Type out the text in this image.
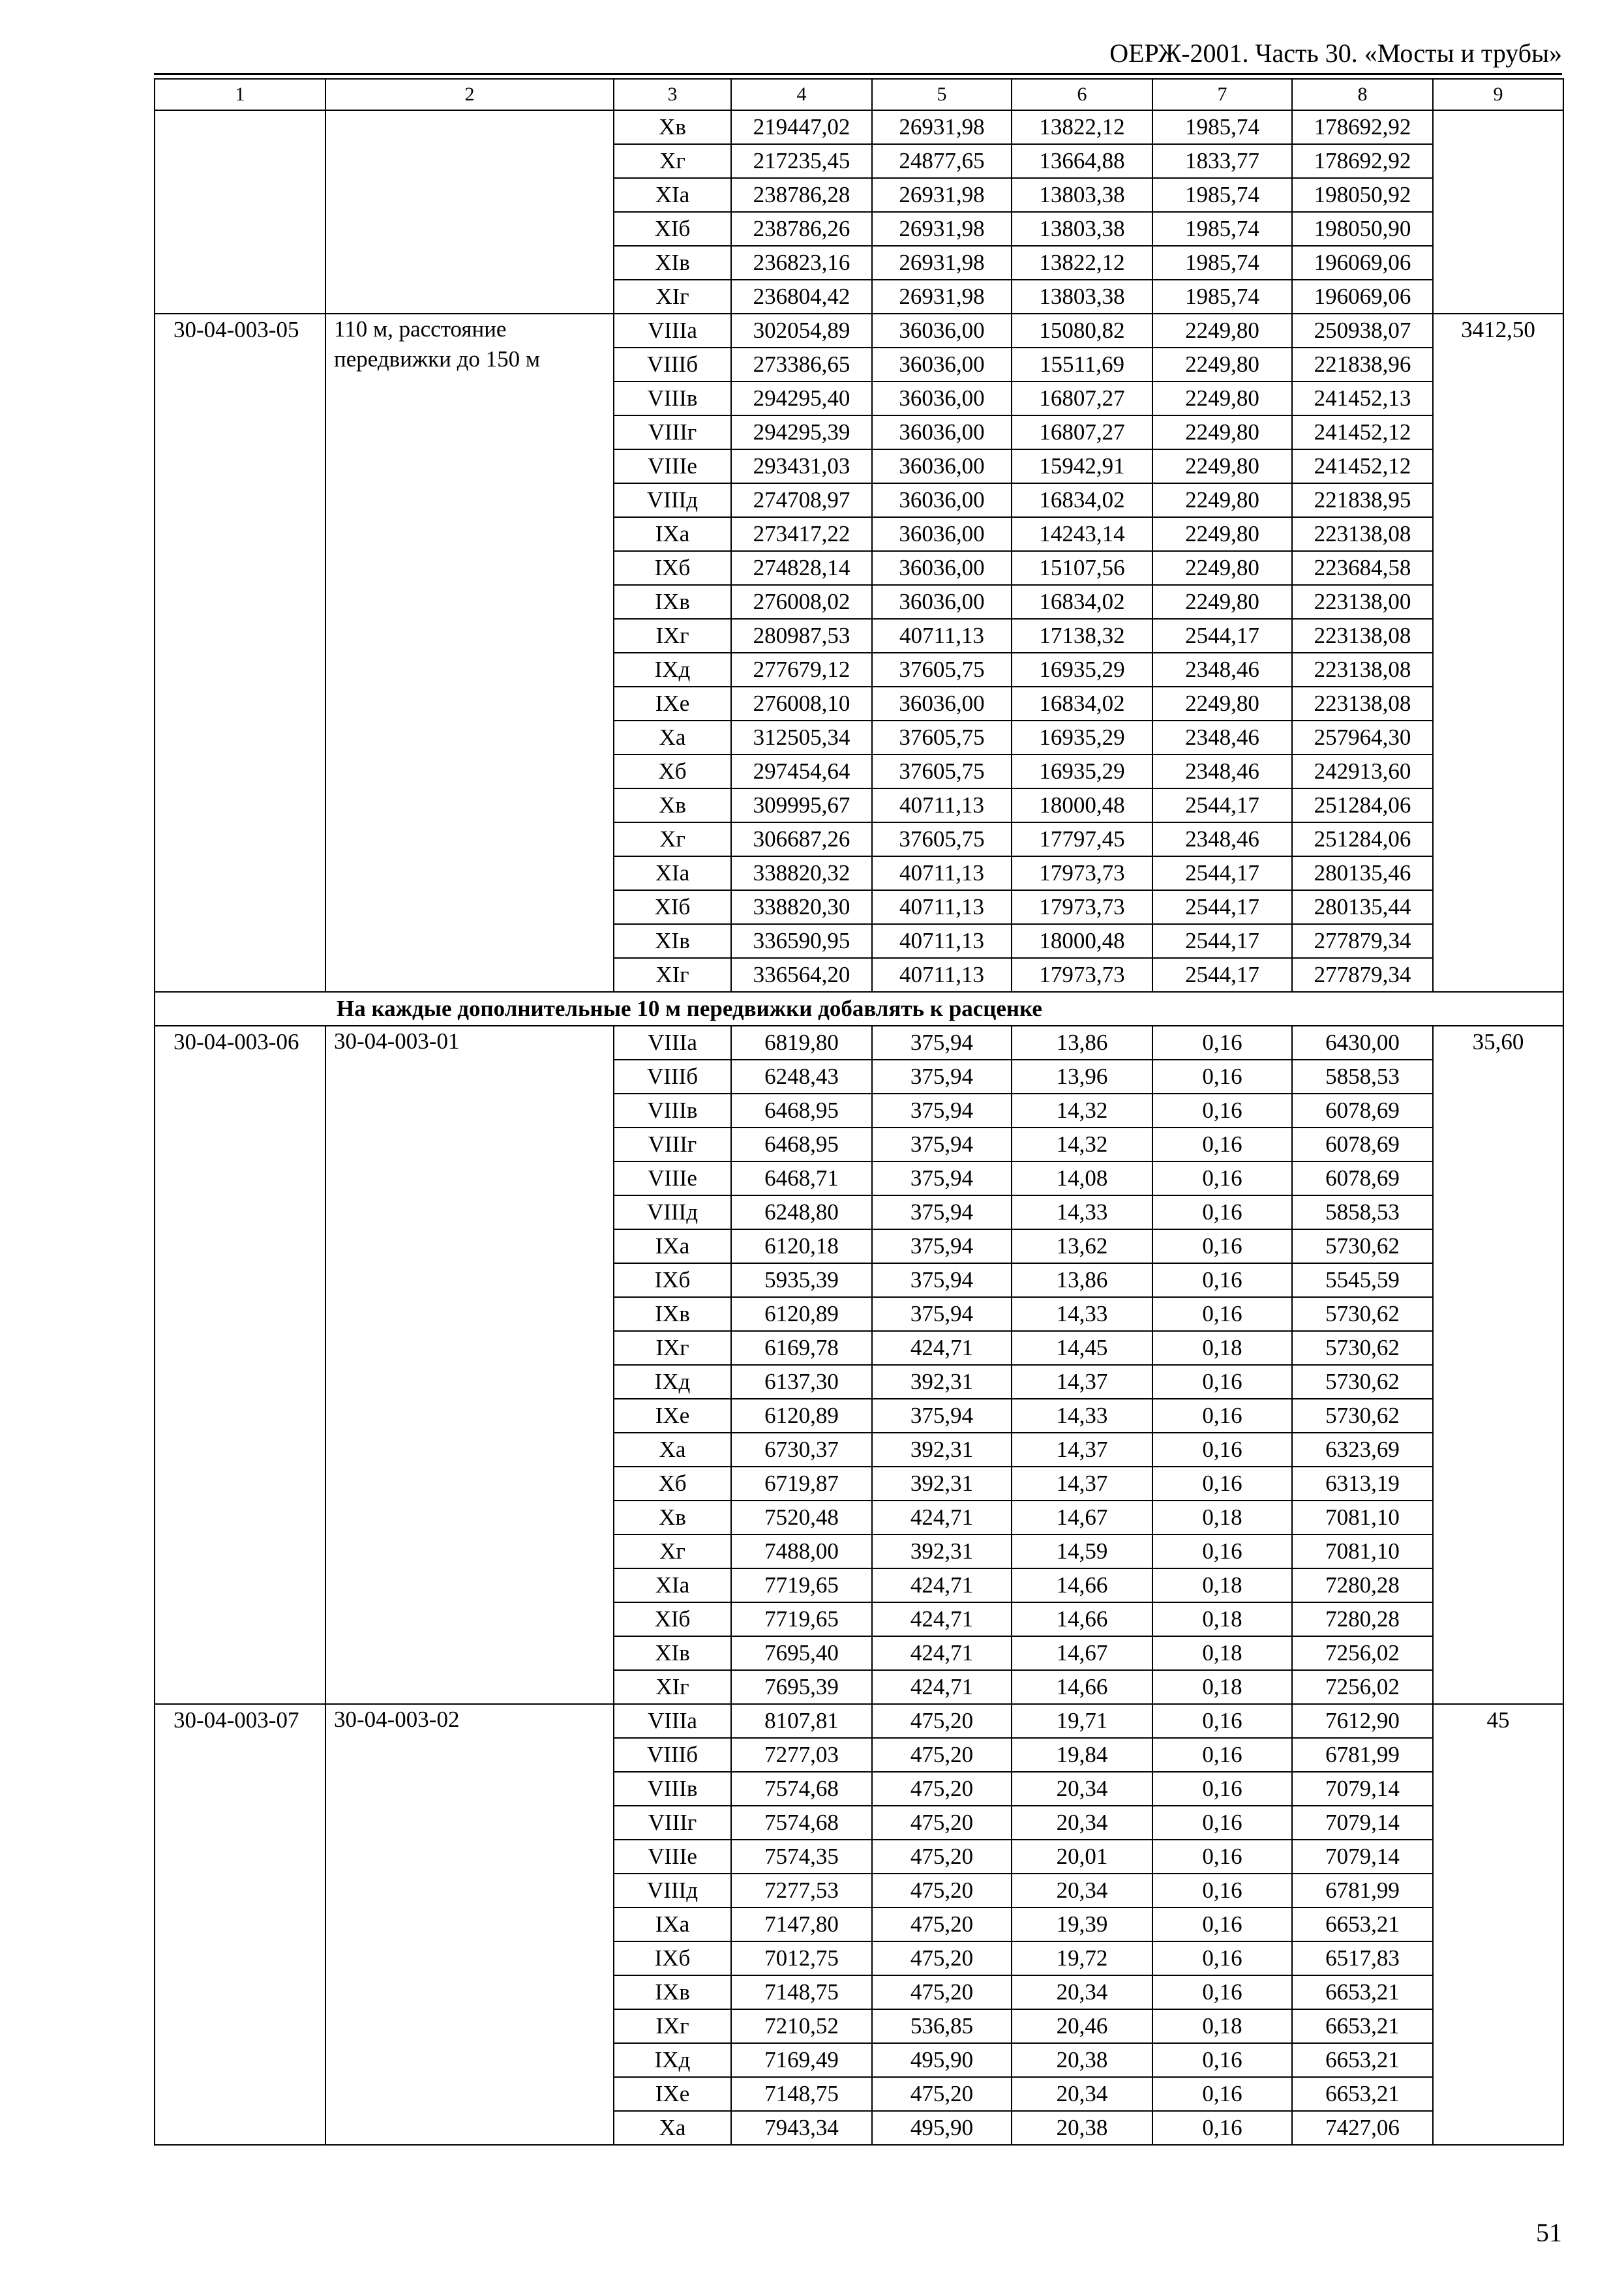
ОЕРЖ-2001. Часть 30. «Мосты и трубы»
1	2	3	4	5	6	7	8	9
		Xв	219447,02	26931,98	13822,12	1985,74	178692,92	
		Xг	217235,45	24877,65	13664,88	1833,77	178692,92	
		XIa	238786,28	26931,98	13803,38	1985,74	198050,92	
		XIб	238786,26	26931,98	13803,38	1985,74	198050,90	
		XIв	236823,16	26931,98	13822,12	1985,74	196069,06	
		XIг	236804,42	26931,98	13803,38	1985,74	196069,06	
30-04-003-05	110 м, расстояние передвижки до 150 м	VIIIa	302054,89	36036,00	15080,82	2249,80	250938,07	3412,50
		VIIIб	273386,65	36036,00	15511,69	2249,80	221838,96	
		VIIIв	294295,40	36036,00	16807,27	2249,80	241452,13	
		VIIIг	294295,39	36036,00	16807,27	2249,80	241452,12	
		VIIIе	293431,03	36036,00	15942,91	2249,80	241452,12	
		VIIIд	274708,97	36036,00	16834,02	2249,80	221838,95	
		IXa	273417,22	36036,00	14243,14	2249,80	223138,08	
		IXб	274828,14	36036,00	15107,56	2249,80	223684,58	
		IXв	276008,02	36036,00	16834,02	2249,80	223138,00	
		IXг	280987,53	40711,13	17138,32	2544,17	223138,08	
		IXд	277679,12	37605,75	16935,29	2348,46	223138,08	
		IXе	276008,10	36036,00	16834,02	2249,80	223138,08	
		Xa	312505,34	37605,75	16935,29	2348,46	257964,30	
		Xб	297454,64	37605,75	16935,29	2348,46	242913,60	
		Xв	309995,67	40711,13	18000,48	2544,17	251284,06	
		Xг	306687,26	37605,75	17797,45	2348,46	251284,06	
		XIa	338820,32	40711,13	17973,73	2544,17	280135,46	
		XIб	338820,30	40711,13	17973,73	2544,17	280135,44	
		XIв	336590,95	40711,13	18000,48	2544,17	277879,34	
		XIг	336564,20	40711,13	17973,73	2544,17	277879,34	
На каждые дополнительные 10 м передвижки добавлять к расценке								
30-04-003-06	30-04-003-01	VIIIa	6819,80	375,94	13,86	0,16	6430,00	35,60
		VIIIб	6248,43	375,94	13,96	0,16	5858,53	
		VIIIв	6468,95	375,94	14,32	0,16	6078,69	
		VIIIг	6468,95	375,94	14,32	0,16	6078,69	
		VIIIе	6468,71	375,94	14,08	0,16	6078,69	
		VIIIд	6248,80	375,94	14,33	0,16	5858,53	
		IXa	6120,18	375,94	13,62	0,16	5730,62	
		IXб	5935,39	375,94	13,86	0,16	5545,59	
		IXв	6120,89	375,94	14,33	0,16	5730,62	
		IXг	6169,78	424,71	14,45	0,18	5730,62	
		IXд	6137,30	392,31	14,37	0,16	5730,62	
		IXе	6120,89	375,94	14,33	0,16	5730,62	
		Xa	6730,37	392,31	14,37	0,16	6323,69	
		Xб	6719,87	392,31	14,37	0,16	6313,19	
		Xв	7520,48	424,71	14,67	0,18	7081,10	
		Xг	7488,00	392,31	14,59	0,16	7081,10	
		XIa	7719,65	424,71	14,66	0,18	7280,28	
		XIб	7719,65	424,71	14,66	0,18	7280,28	
		XIв	7695,40	424,71	14,67	0,18	7256,02	
		XIг	7695,39	424,71	14,66	0,18	7256,02	
30-04-003-07	30-04-003-02	VIIIa	8107,81	475,20	19,71	0,16	7612,90	45
		VIIIб	7277,03	475,20	19,84	0,16	6781,99	
		VIIIв	7574,68	475,20	20,34	0,16	7079,14	
		VIIIг	7574,68	475,20	20,34	0,16	7079,14	
		VIIIе	7574,35	475,20	20,01	0,16	7079,14	
		VIIIд	7277,53	475,20	20,34	0,16	6781,99	
		IXa	7147,80	475,20	19,39	0,16	6653,21	
		IXб	7012,75	475,20	19,72	0,16	6517,83	
		IXв	7148,75	475,20	20,34	0,16	6653,21	
		IXг	7210,52	536,85	20,46	0,18	6653,21	
		IXд	7169,49	495,90	20,38	0,16	6653,21	
		IXе	7148,75	475,20	20,34	0,16	6653,21	
		Xa	7943,34	495,90	20,38	0,16	7427,06	
51
